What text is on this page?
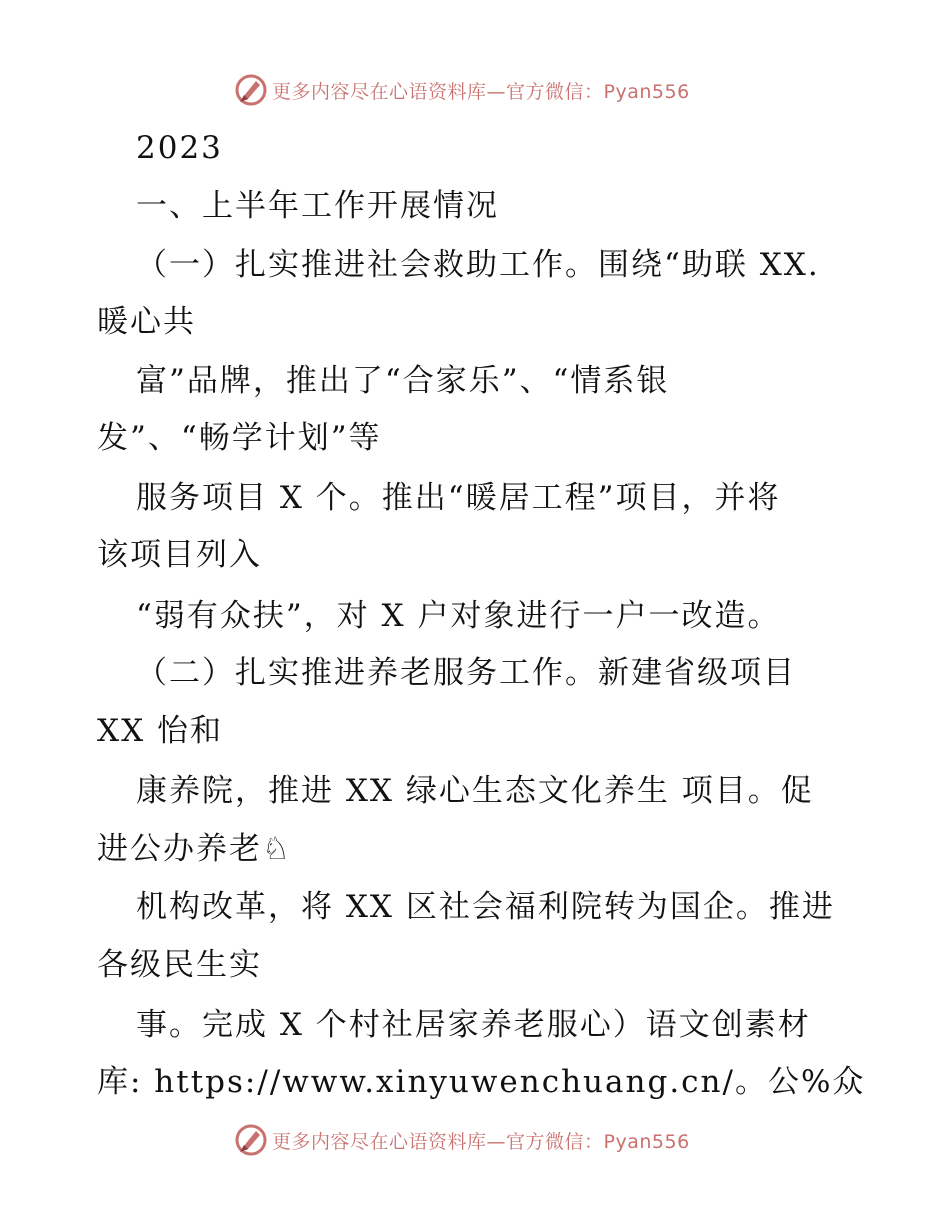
更多内容尽在心语资料库—官方微信：Pyan556
2023
一、上半年工作开展情况
（一）扎实推进社会救助工作。围绕“助联 XX.
暖心共
富”品牌，推出了“合家乐”、“情系银
发”、“畅学计划”等
服务项目 X 个。推出“暖居工程”项目，并将
该项目列入
“弱有众扶”，对 X 户对象进行一户一改造。
（二）扎实推进养老服务工作。新建省级项目
XX 怡和
康养院，推进 XX 绿心生态文化养生 项目。促
进公办养老♘
机构改革，将 XX 区社会福利院转为国企。推进
各级民生实
事。完成 X 个村社居家养老服心）语文创素材
库: https://www.xinyuwenchuang.cn/。公%众
更多内容尽在心语资料库—官方微信：Pyan556
